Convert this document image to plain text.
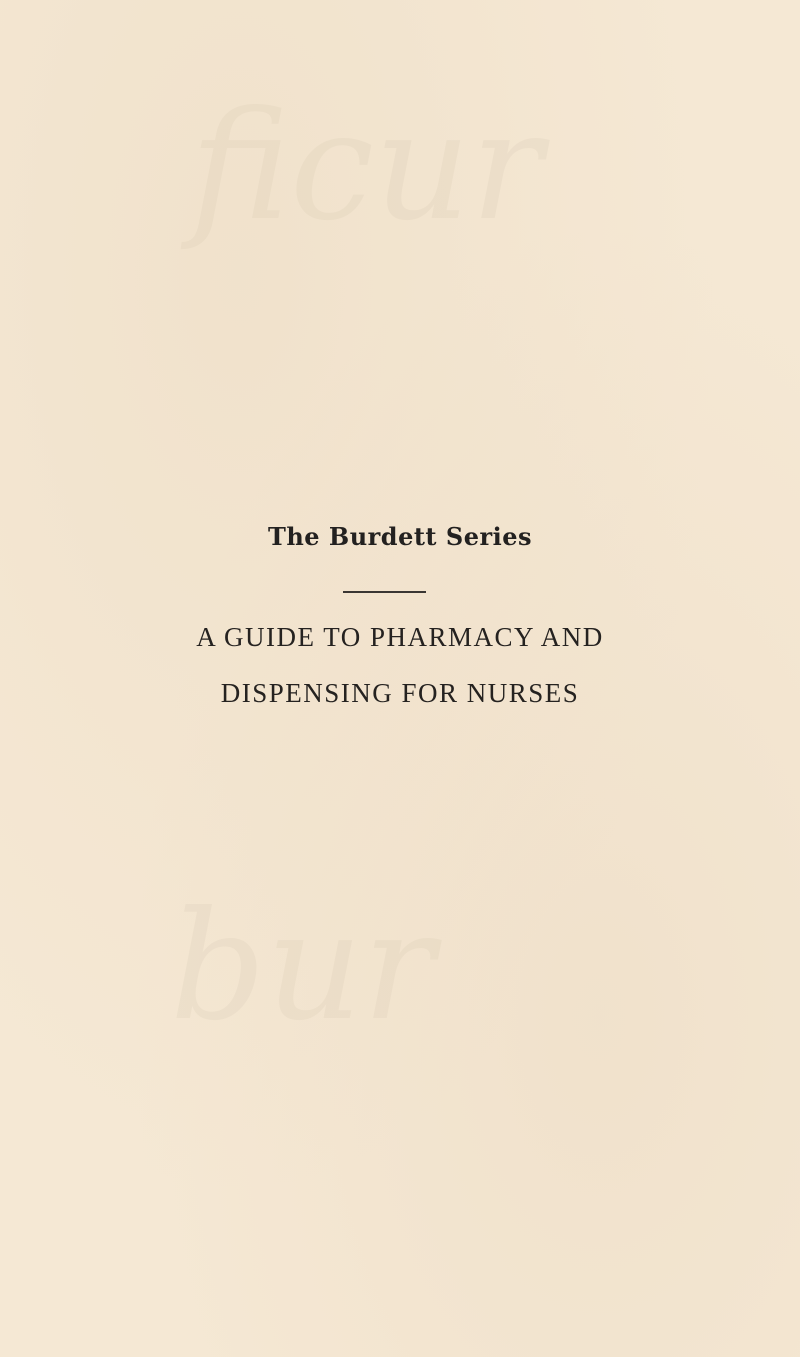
ficur
bur
The Burdett Series
A GUIDE TO PHARMACY AND
DISPENSING FOR NURSES
